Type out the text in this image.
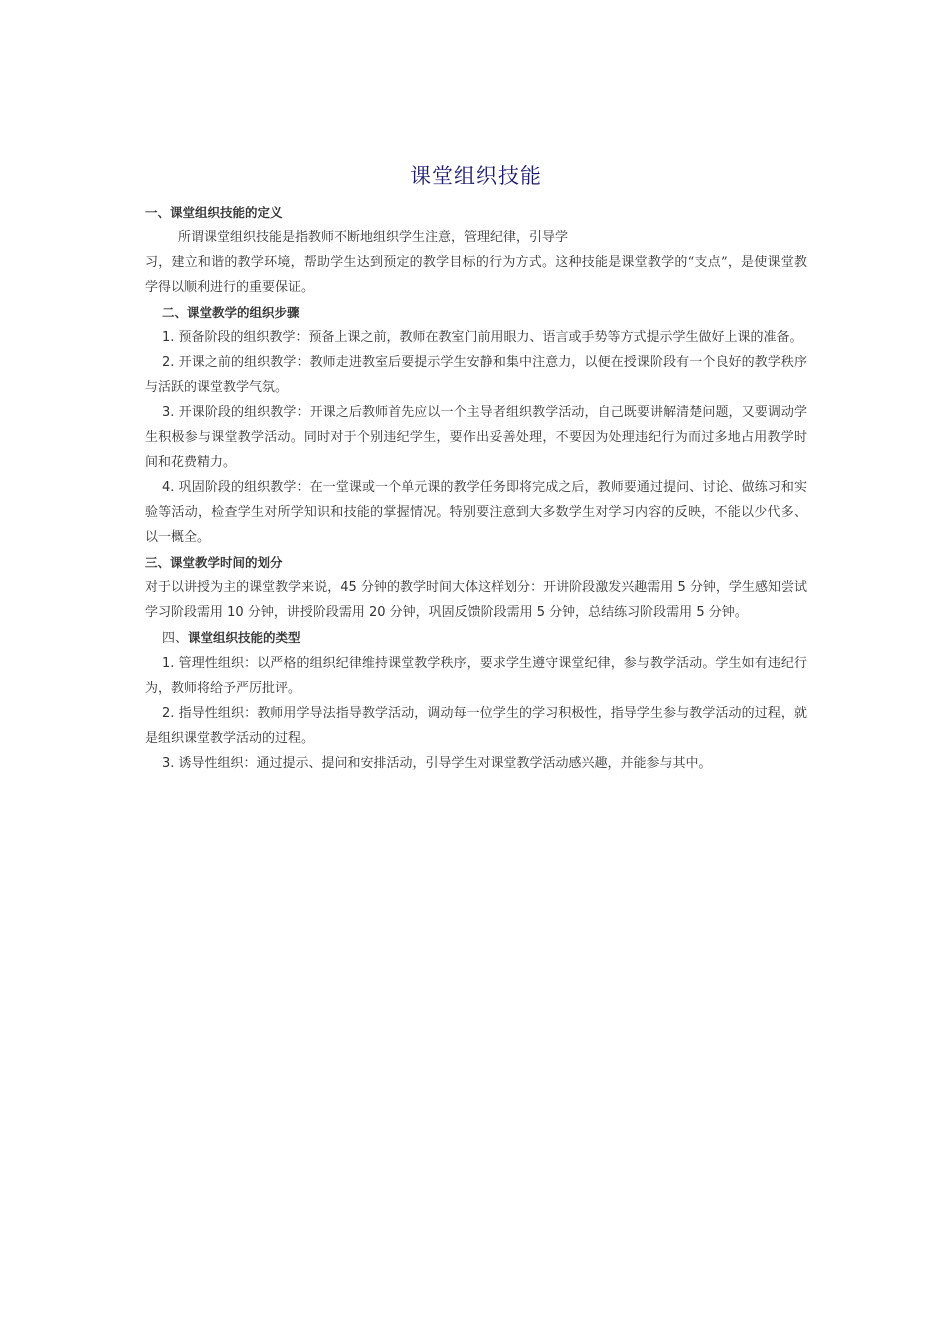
课堂组织技能

一、课堂组织技能的定义

所谓课堂组织技能是指教师不断地组织学生注意，管理纪律，引导学

习，建立和谐的教学环境，帮助学生达到预定的教学目标的行为方式。这种技能是课堂教学的“支点”，是使课堂教学得以顺利进行的重要保证。

二、课堂教学的组织步骤

1. 预备阶段的组织教学：预备上课之前，教师在教室门前用眼力、语言或手势等方式提示学生做好上课的准备。

2. 开课之前的组织教学：教师走进教室后要提示学生安静和集中注意力，以便在授课阶段有一个良好的教学秩序与活跃的课堂教学气氛。

3. 开课阶段的组织教学：开课之后教师首先应以一个主导者组织教学活动，自己既要讲解清楚问题，又要调动学生积极参与课堂教学活动。同时对于个别违纪学生，要作出妥善处理，不要因为处理违纪行为而过多地占用教学时间和花费精力。

4. 巩固阶段的组织教学：在一堂课或一个单元课的教学任务即将完成之后，教师要通过提问、讨论、做练习和实验等活动，检查学生对所学知识和技能的掌握情况。特别要注意到大多数学生对学习内容的反映，不能以少代多、以一概全。

三、课堂教学时间的划分

对于以讲授为主的课堂教学来说，45 分钟的教学时间大体这样划分：开讲阶段激发兴趣需用 5 分钟，学生感知尝试学习阶段需用 10 分钟，讲授阶段需用 20 分钟，巩固反馈阶段需用 5 分钟，总结练习阶段需用 5 分钟。

四、课堂组织技能的类型

1. 管理性组织：以严格的组织纪律维持课堂教学秩序，要求学生遵守课堂纪律，参与教学活动。学生如有违纪行为，教师将给予严厉批评。

2. 指导性组织：教师用学导法指导教学活动，调动每一位学生的学习积极性，指导学生参与教学活动的过程，就是组织课堂教学活动的过程。

3. 诱导性组织：通过提示、提问和安排活动，引导学生对课堂教学活动感兴趣，并能参与其中。
